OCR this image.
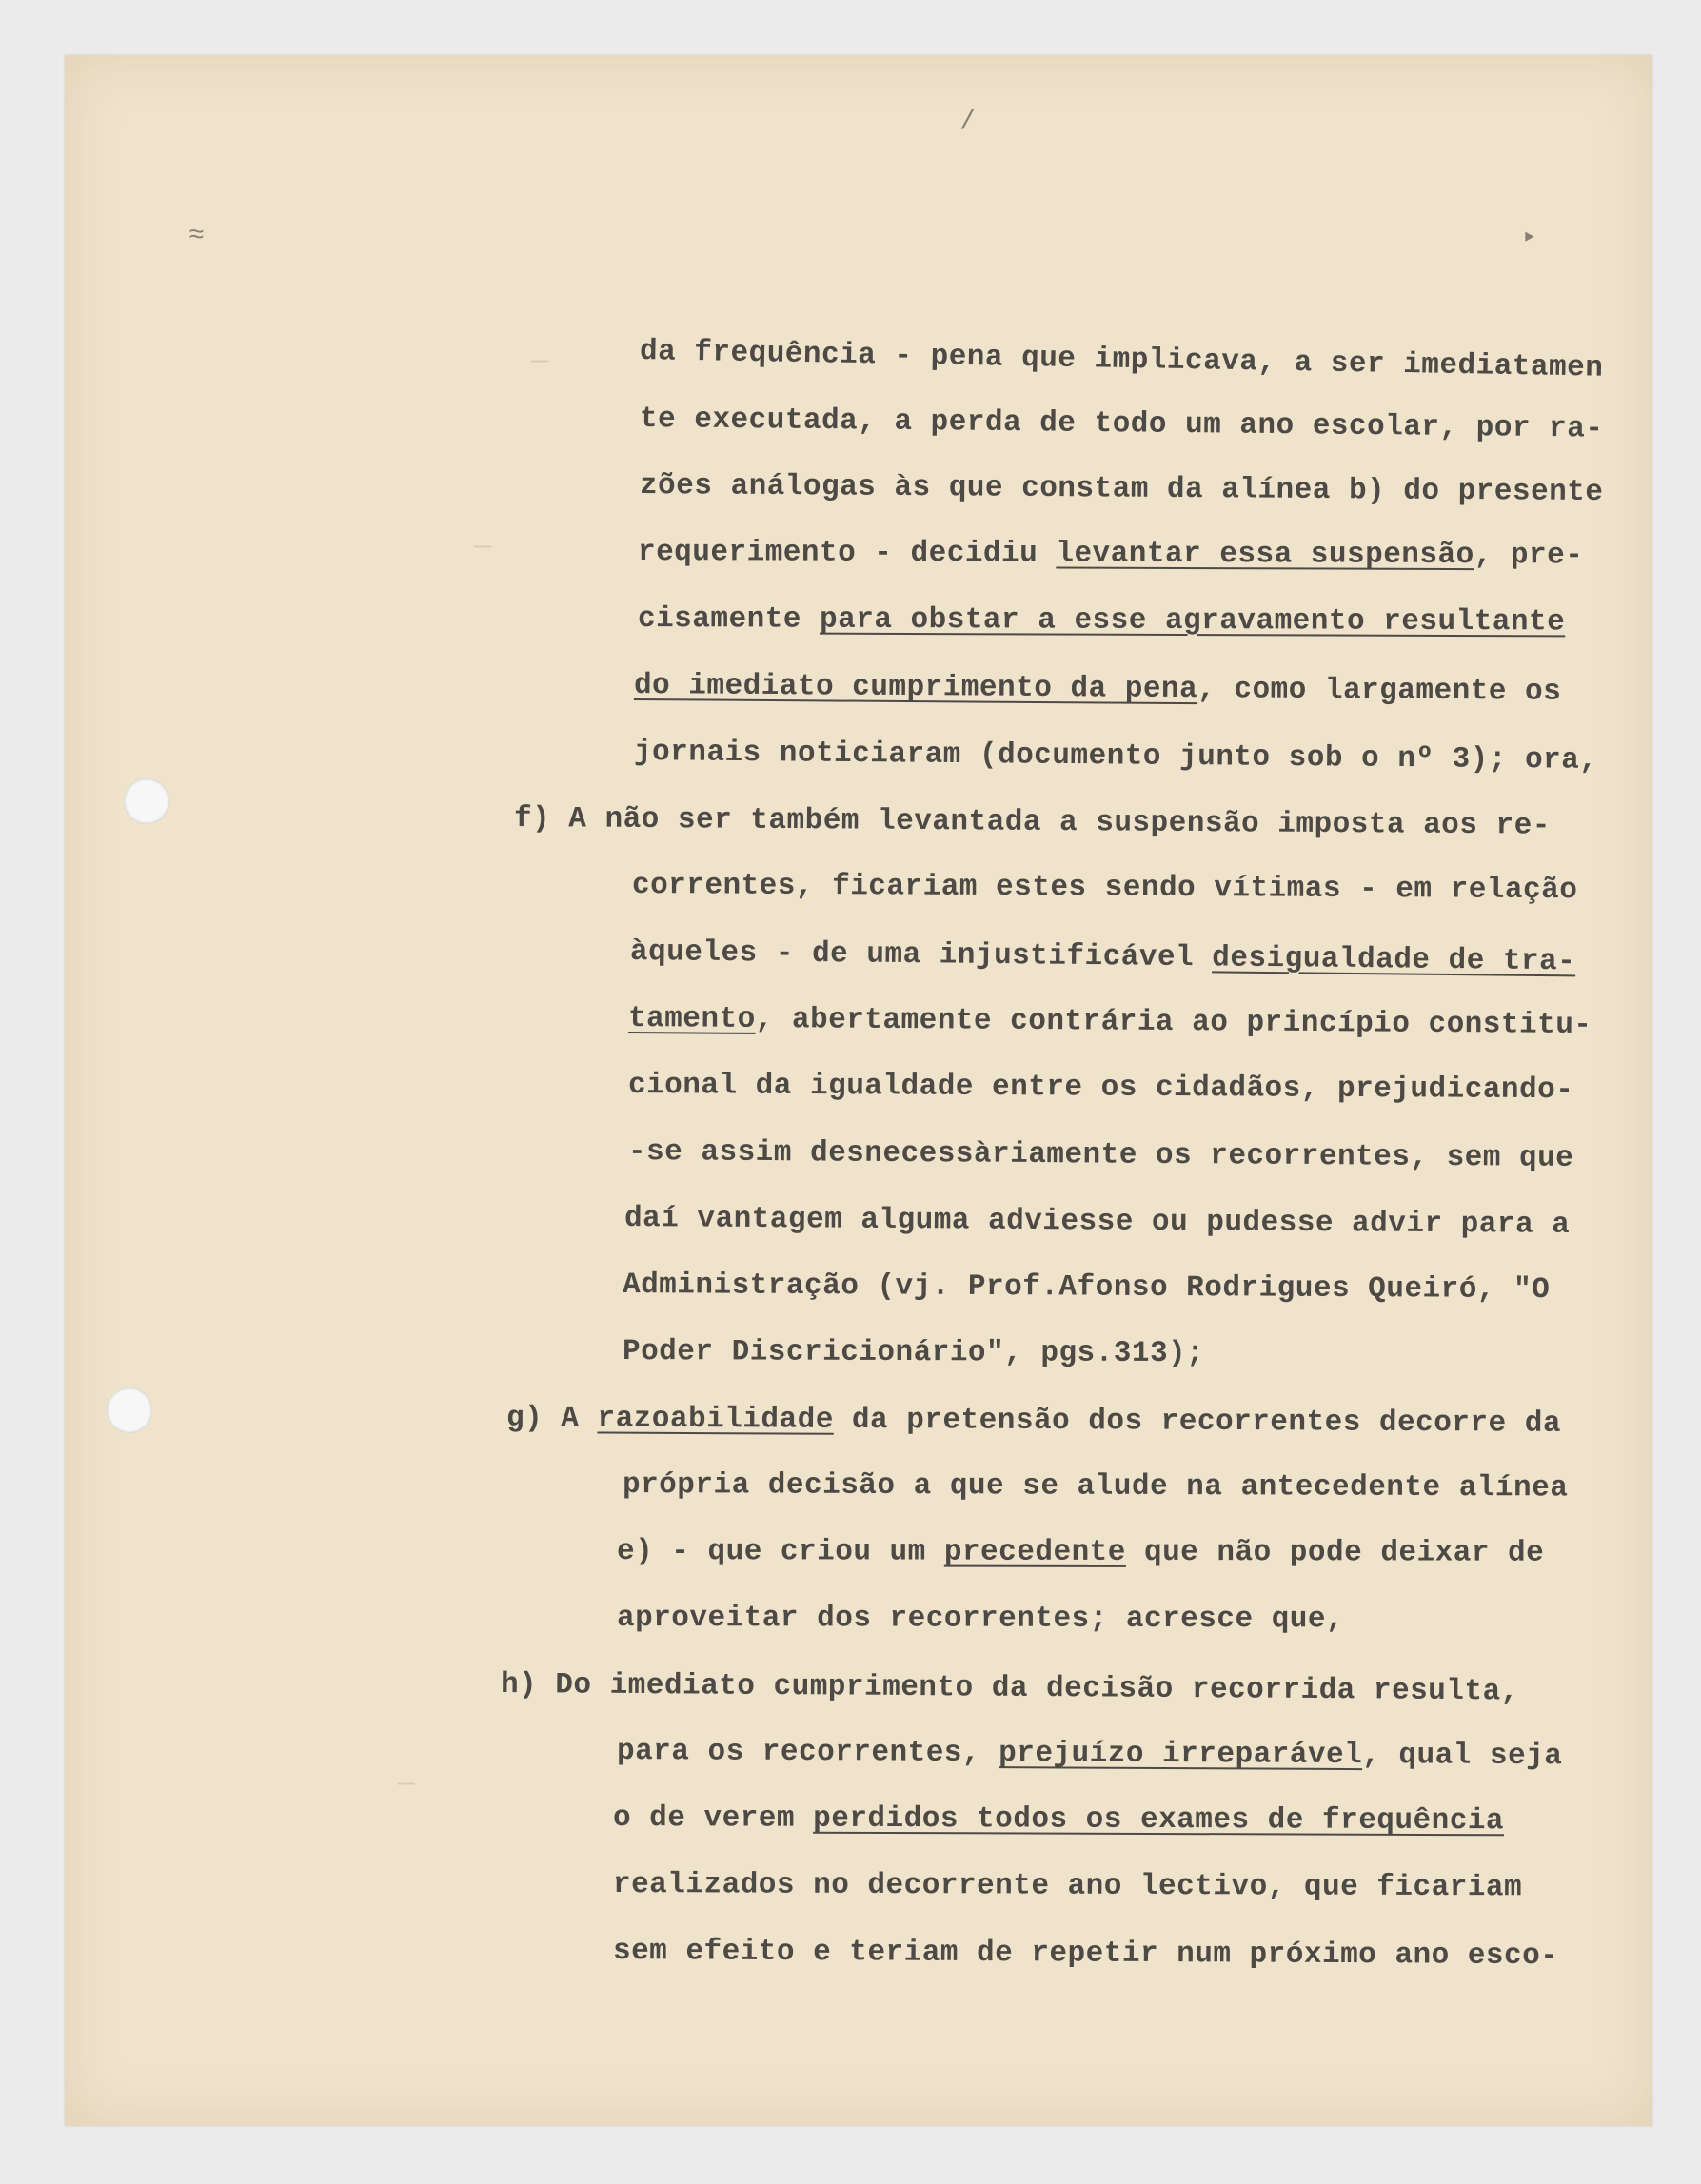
—
—
—
/
‣
≈
da frequência - pena que implicava, a ser imediatamen
te executada, a perda de todo um ano escolar, por ra-
zões análogas às que constam da alínea b) do presente
requerimento - decidiu levantar essa suspensão, pre-
cisamente para obstar a esse agravamento resultante
do imediato cumprimento da pena, como largamente os
jornais noticiaram (documento junto sob o nº 3); ora,
f) A não ser também levantada a suspensão imposta aos re-
correntes, ficariam estes sendo vítimas - em relação
àqueles - de uma injustificável desigualdade de tra-
tamento, abertamente contrária ao princípio constitu-
cional da igualdade entre os cidadãos, prejudicando-
-se assim desnecessàriamente os recorrentes, sem que
daí vantagem alguma adviesse ou pudesse advir para a
Administração (vj. Prof.Afonso Rodrigues Queiró, "O
Poder Discricionário", pgs.313);
g) A razoabilidade da pretensão dos recorrentes decorre da
própria decisão a que se alude na antecedente alínea
e) - que criou um precedente que não pode deixar de
aproveitar dos recorrentes; acresce que,
h) Do imediato cumprimento da decisão recorrida resulta,
para os recorrentes, prejuízo irreparável, qual seja
o de verem perdidos todos os exames de frequência
realizados no decorrente ano lectivo, que ficariam
sem efeito e teriam de repetir num próximo ano esco-
